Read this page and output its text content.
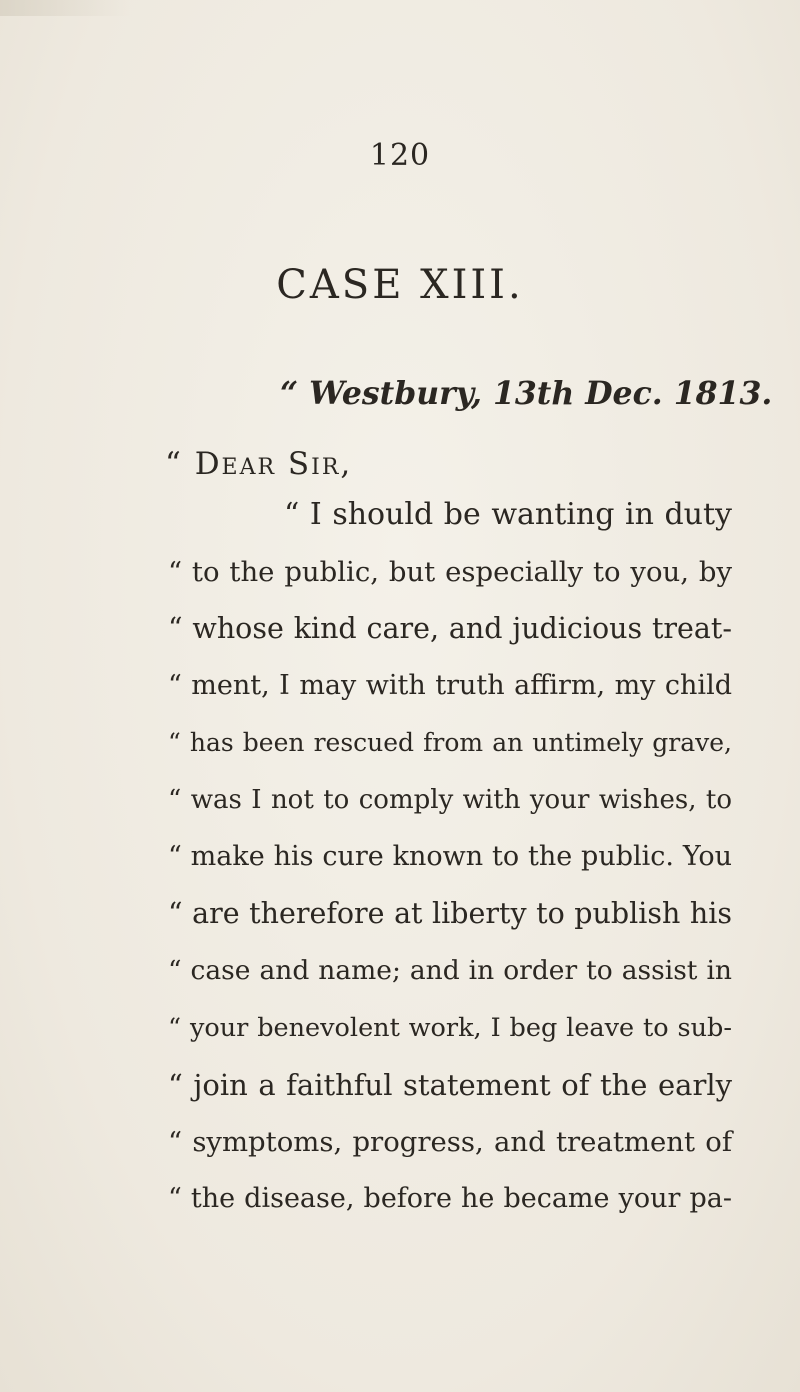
120
CASE XIII.
“ Westbury, 13th Dec. 1813.
“ Dear Sir,
“ I should be wanting in duty
“ to the public, but especially to you, by
“ whose kind care, and judicious treat-
“ ment, I may with truth affirm, my child
“ has been rescued from an untimely grave,
“ was I not to comply with your wishes, to
“ make his cure known to the public. You
“ are therefore at liberty to publish his
“ case and name; and in order to assist in
“ your benevolent work, I beg leave to sub-
“ join a faithful statement of the early
“ symptoms, progress, and treatment of
“ the disease, before he became your pa-
